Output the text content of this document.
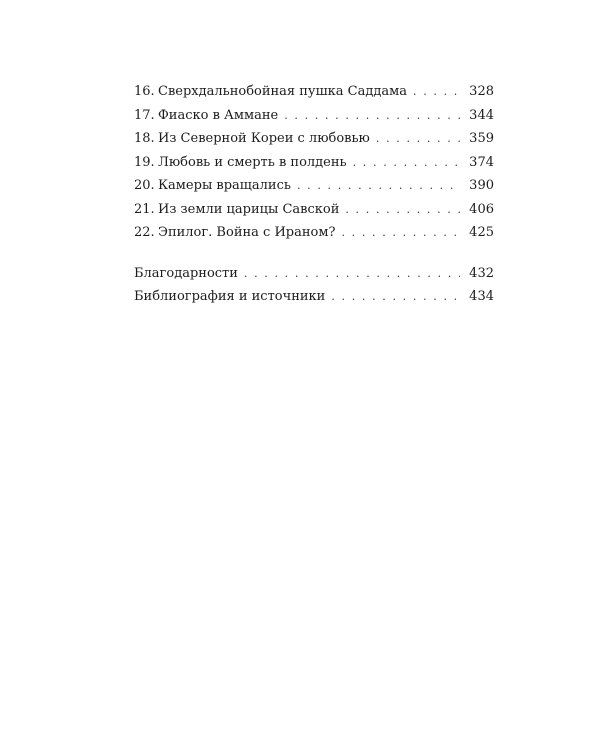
16. Сверхдальнобойная пушка Саддама . . .	328
17. Фиаско в Аммане . . .	344
18. Из Северной Кореи с любовью . . .	359
19. Любовь и смерть в полдень . . .	374
20. Камеры вращались . . .	390
21. Из земли царицы Савской . . .	406
22. Эпилог. Война с Ираном? . . .	425
Благодарности . . .	432
Библиография и источники . . .	434
